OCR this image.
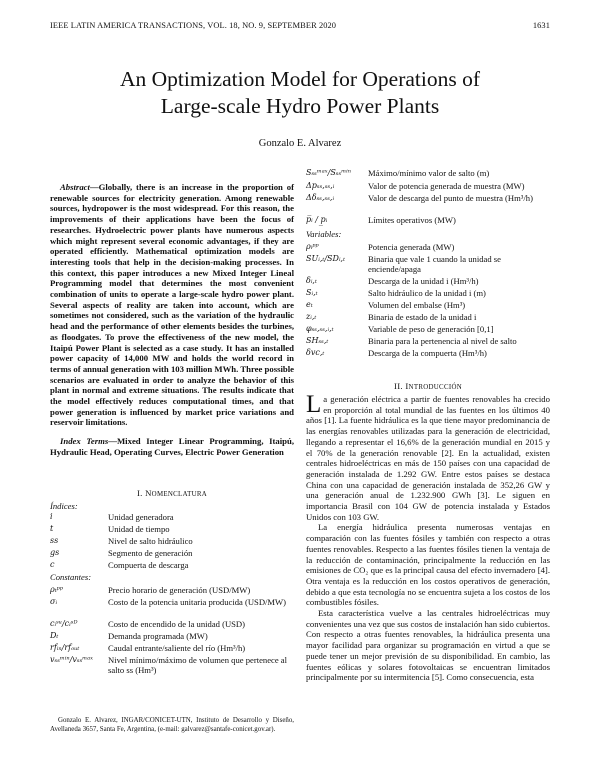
IEEE LATIN AMERICA TRANSACTIONS, VOL. 18, NO. 9, SEPTEMBER 2020	1631
An Optimization Model for Operations of
Large-scale Hydro Power Plants
Gonzalo E. Alvarez
Abstract—Globally, there is an increase in the proportion of renewable sources for electricity generation. Among renewable sources, hydropower is the most widespread. For this reason, the improvements of their applications have been the focus of researches. Hydroelectric power plants have numerous aspects which might represent several economic advantages, if they are operated efficiently. Mathematical optimization models are interesting tools that help in the decision-making processes. In this context, this paper introduces a new Mixed Integer Lineal Programming model that determines the most convenient combination of units to operate a large-scale hydro power plant. Several aspects of reality are taken into account, which are sometimes not considered, such as the variation of the hydraulic head and the performance of other elements besides the turbines, as floodgates. To prove the effectiveness of the new model, the Itaipú Power Plant is selected as a case study. It has an installed power capacity of 14,000 MW and holds the world record in terms of annual generation with 103 million MWh. Three possible scenarios are evaluated in order to analyze the behavior of this plant in normal and extreme situations. The results indicate that the model effectively reduces computational times, and that power generation is influenced by market price variations and reservoir limitations.
Index Terms—Mixed Integer Linear Programming, Itaipú, Hydraulic Head, Operating Curves, Electric Power Generation
I. NOMENCLATURA
Índices:
i	Unidad generadora
t	Unidad de tiempo
ss	Nivel de salto hidráulico
gs	Segmento de generación
c	Compuerta de descarga
Constantes:
ρₜᵖᵖ	Precio horario de generación (USD/MW)
σᵢ	Costo de la potencia unitaria producida (USD/MW)
cᵢˢᵘ/cᵢˢᴰ	Costo de encendido de la unidad (USD)
Dₜ	Demanda programada (MW)
rfᵢₙ/rfₒᵤₜ	Caudal entrante/saliente del río (Hm³/h)
vₛₛᵐⁱⁿ/vₛₛᵐᵃˣ	Nivel mínimo/máximo de volumen que pertenece al salto ss (Hm³)
Gonzalo E. Alvarez, INGAR/CONICET-UTN, Instituto de Desarrollo y Diseño, Avellaneda 3657, Santa Fe, Argentina, (e-mail: galvarez@santafe-conicet.gov.ar).
Sₛₛᵐᵃˣ/Sₛₛᵐⁱⁿ	Máximo/mínimo valor de salto (m)
Δpₛₛ,ₛₛ,ᵢ	Valor de potencia generada de muestra (MW)
Δδₛₛ,ₛₛ,ᵢ	Valor de descarga del punto de muestra (Hm³/h)
p̅ᵢ / p̲ᵢ	Límites operativos (MW)
Variables:
ρᵢᵖᵖ	Potencia generada (MW)
SUᵢ,ₜ/SDᵢ,ₜ	Binaria que vale 1 cuando la unidad se enciende/apaga
δᵢ,ₜ	Descarga de la unidad i (Hm³/h)
Sᵢ,ₜ	Salto hidráulico de la unidad i (m)
eₜ	Volumen del embalse (Hm³)
zᵢ,ₜ	Binaria de estado de la unidad i
φₛₛ,ₛₛ,ᵢ,ₜ	Variable de peso de generación [0,1]
SHₛₛ,ₜ	Binaria para la pertenencia al nivel de salto
δvc,ₜ	Descarga de la compuerta (Hm³/h)
II. INTRODUCCIÓN

La generación eléctrica a partir de fuentes renovables ha crecido en proporción al total mundial de las fuentes en los últimos 40 años [1]. La fuente hidráulica es la que tiene mayor predominancia de las energías renovables utilizadas para la generación de electricidad, llegando a representar el 16,6% de la generación mundial en 2015 y el 70% de la generación renovable [2]. En la actualidad, existen centrales hidroeléctricas en más de 150 países con una capacidad de generación instalada de 1.292 GW. Entre estos países se destaca China con una capacidad de generación instalada de 352,26 GW y una generación anual de 1.232.900 GWh [3]. Le siguen en importancia Brasil con 104 GW de potencia instalada y Estados Unidos con 103 GW.

La energía hidráulica presenta numerosas ventajas en comparación con las fuentes fósiles y también con respecto a otras fuentes renovables. Respecto a las fuentes fósiles tienen la ventaja de la reducción de contaminación, principalmente la reducción en las emisiones de CO₂ que es la principal causa del efecto invernadero [4]. Otra ventaja es la reducción en los costos operativos de generación, debido a que esta tecnología no se encuentra sujeta a los costos de los combustibles fósiles.

Esta característica vuelve a las centrales hidroeléctricas muy convenientes una vez que sus costos de instalación han sido cubiertos. Con respecto a otras fuentes renovables, la hidráulica presenta una mayor facilidad para organizar su programación en virtud a que se puede tener un mejor previsión de su disponibilidad. En cambio, las fuentes eólicas y solares fotovoltaicas se encuentran limitados principalmente por su intermitencia [5]. Como consecuencia, esta
